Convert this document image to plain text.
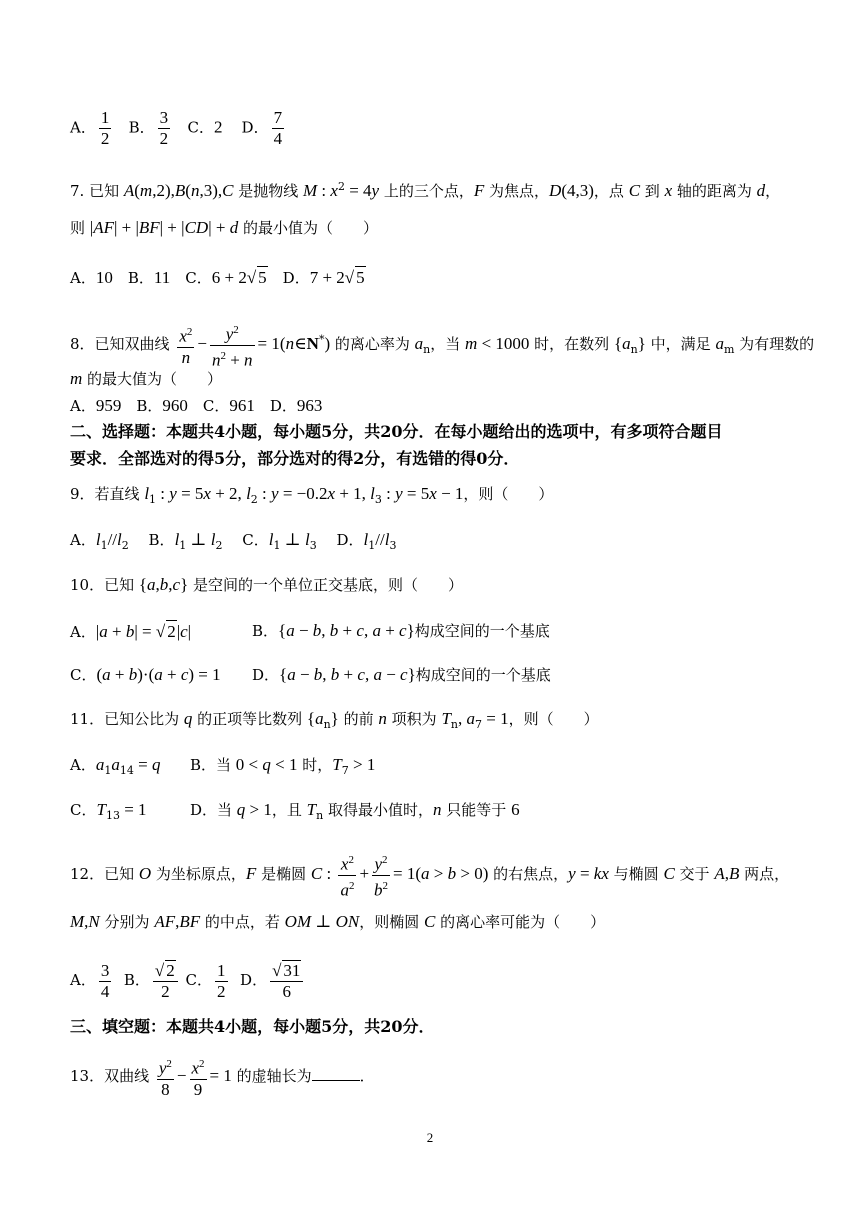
A． $\frac{1}{2}$ B． $\frac{3}{2}$ C．2    D． $\frac{7}{4}$
7. 已知 A(m,2),B(n,3),C 是抛物线 M : $x^2 = 4y$ 上的三个点，F 为焦点，D(4,3)，点 C 到 x 轴的距离为 d，
则 |AF| + |BF| + |CD| + d 的最小值为（　　）
A．10　B．11　C．6 + 2√ 5　D．7 + 2√ 5
8．已知双曲线 $\frac{x^2}{n} - \frac{y^2}{n^2 + n}$ = 1(n∈N*) 的离心率为 $a_n$，当 m < 1000 时，在数列 $\{a_n\}$ 中，满足 $a_m$ 为有理数的
m 的最大值为（　　）
A．959　B．960　C．961　D．963
二、选择题：本题共4小题，每小题5分，共20分．在每小题给出的选项中，有多项符合题目
要求．全部选对的得5分，部分选对的得2分，有选错的得0分．
9．若直线 $l_1$ : y = 5x + 2, $l_2$ : y = −0.2x + 1, $l_3$ : y = 5x − 1，则（　　）
A．$l_1//l_2$　 B．$l_1$ ⊥ $l_2$　 C．$l_1$ ⊥ $l_3$　 D．$l_1//l_3$
10．已知 {a,b,c} 是空间的一个单位正交基底，则（　　）
A．|a + b| = √ 2|c|	B．{a − b, b + c, a + c}构成空间的一个基底
C．(a + b)·(a + c) = 1 D．{a − b, b + c, a − c}构成空间的一个基底
11．已知公比为 q 的正项等比数列 $\{a_n\}$ 的前 n 项积为 $T_n$, $a_7 = 1$，则（　　）
A．$a_1a_{14} = q$ B．当 0 < q < 1 时，$T_7 > 1$
C．$T_{13} = 1$	D．当 q > 1，且 $T_n$ 取得最小值时，n 只能等于 6
12．已知 O 为坐标原点，F 是椭圆 C : $\frac{x^2}{a^2} + \frac{y^2}{b^2} = 1(a > b > 0)$ 的右焦点，y = kx 与椭圆 C 交于 A,B 两点，
M,N 分别为 AF,BF 的中点，若 OM ⊥ ON，则椭圆 C 的离心率可能为（　　）
A． $\frac{3}{4}$ B． $\frac{√ 2}{2}$ C． $\frac{1}{2}$ D． $\frac{√ 31}{6}$
三、填空题：本题共4小题，每小题5分，共20分．
13．双曲线 $\frac{y^2}{8} - \frac{x^2}{9} = 1$ 的虚轴长为	．
2
